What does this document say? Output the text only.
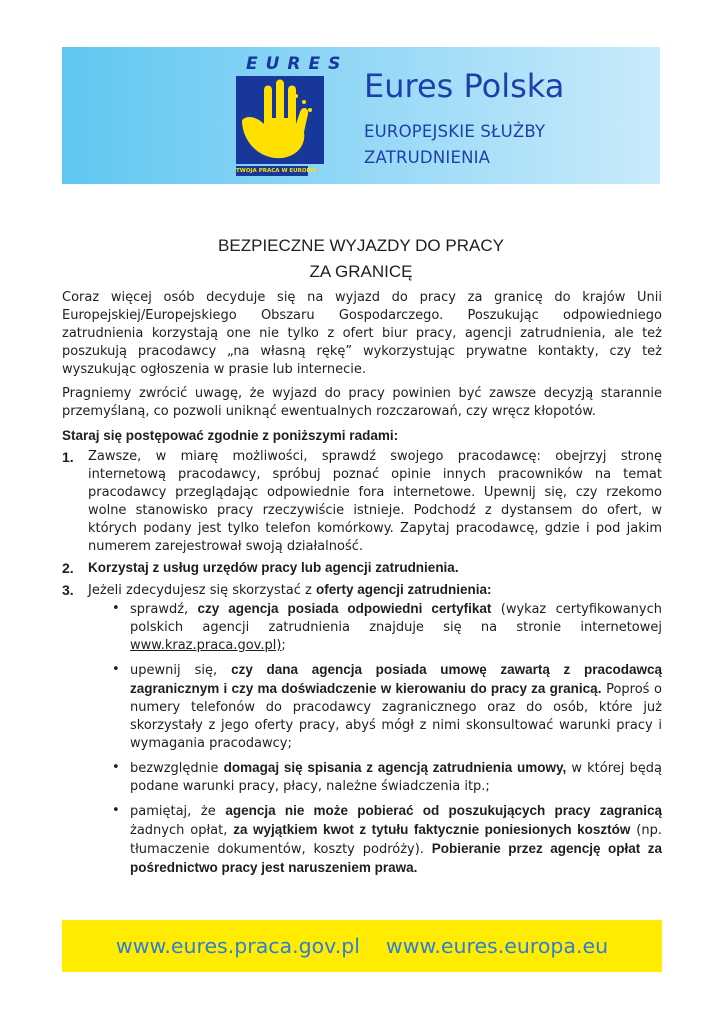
EURES
TWOJA PRACA W EUROPIE
Eures Polska

EUROPEJSKIE SŁUŻBY ZATRUDNIENIA

BEZPIECZNE WYJAZDY DO PRACY
ZA GRANICĘ

Coraz więcej osób decyduje się na wyjazd do pracy za granicę do krajów Unii Europejskiej/Europejskiego Obszaru Gospodarczego. Poszukując odpowiedniego zatrudnienia korzystają one nie tylko z ofert biur pracy, agencji zatrudnienia, ale też poszukują pracodawcy „na własną rękę” wykorzystując prywatne kontakty, czy też wyszukując ogłoszenia w prasie lub internecie.

Pragniemy zwrócić uwagę, że wyjazd do pracy powinien być zawsze decyzją starannie przemyślaną, co pozwoli uniknąć ewentualnych rozczarowań, czy wręcz kłopotów.

Staraj się postępować zgodnie z poniższymi radami:
1. Zawsze, w miarę możliwości, sprawdź swojego pracodawcę: obejrzyj stronę internetową pracodawcy, spróbuj poznać opinie innych pracowników na temat pracodawcy przeglądając odpowiednie fora internetowe. Upewnij się, czy rzekomo wolne stanowisko pracy rzeczywiście istnieje. Podchodź z dystansem do ofert, w których podany jest tylko telefon komórkowy. Zapytaj pracodawcę, gdzie i pod jakim numerem zarejestrował swoją działalność.
2. Korzystaj z usług urzędów pracy lub agencji zatrudnienia.
3. Jeżeli zdecydujesz się skorzystać z oferty agencji zatrudnienia:
• sprawdź, czy agencja posiada odpowiedni certyfikat (wykaz certyfikowanych polskich agencji zatrudnienia znajduje się na stronie internetowej www.kraz.praca.gov.pl);
• upewnij się, czy dana agencja posiada umowę zawartą z pracodawcą zagranicznym i czy ma doświadczenie w kierowaniu do pracy za granicą. Poproś o numery telefonów do pracodawcy zagranicznego oraz do osób, które już skorzystały z jego oferty pracy, abyś mógł z nimi skonsultować warunki pracy i wymagania pracodawcy;
• bezwzględnie domagaj się spisania z agencją zatrudnienia umowy, w której będą podane warunki pracy, płacy, należne świadczenia itp.;
• pamiętaj, że agencja nie może pobierać od poszukujących pracy zagranicą żadnych opłat, za wyjątkiem kwot z tytułu faktycznie poniesionych kosztów (np. tłumaczenie dokumentów, koszty podróży). Pobieranie przez agencję opłat za pośrednictwo pracy jest naruszeniem prawa.
www.eures.praca.gov.pl www.eures.europa.eu
